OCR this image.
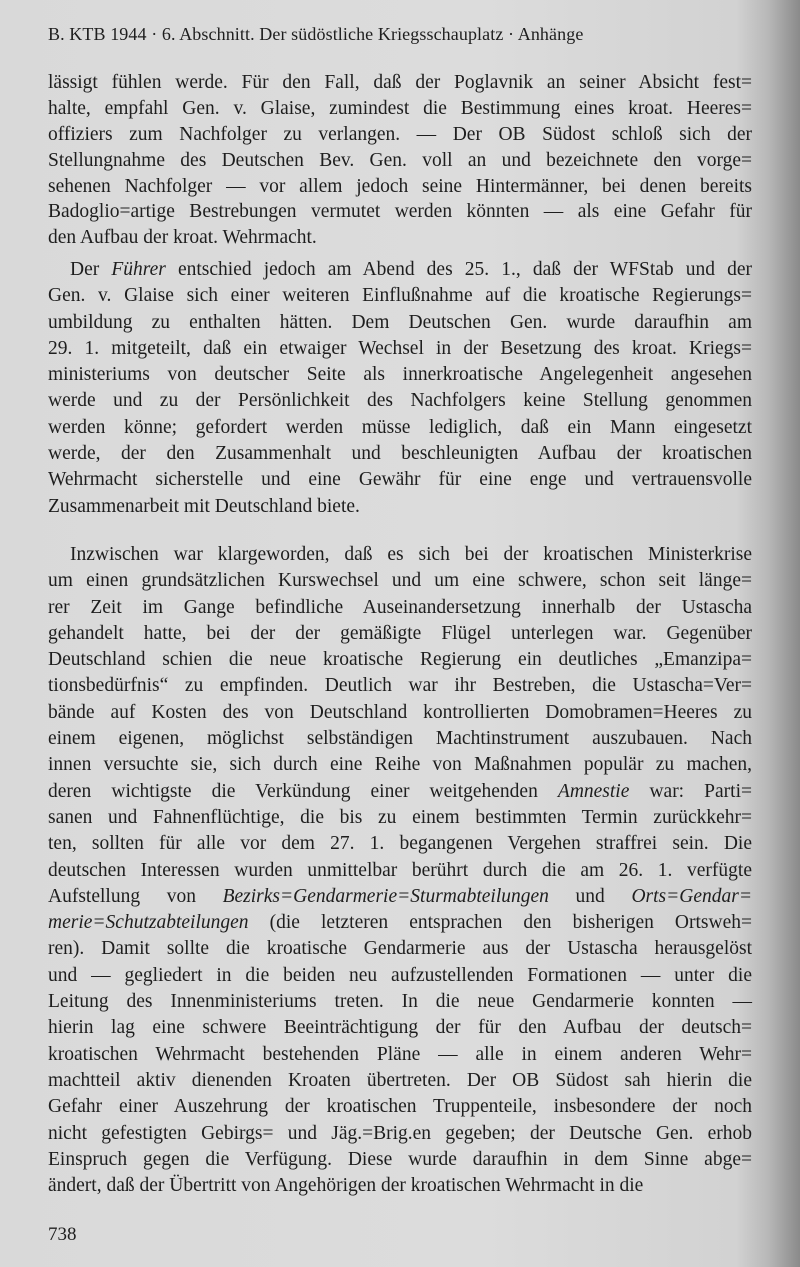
B. KTB 1944 · 6. Abschnitt. Der südöstliche Kriegsschauplatz · Anhänge
lässigt fühlen werde. Für den Fall, daß der Poglavnik an seiner Absicht fest=
halte, empfahl Gen. v. Glaise, zumindest die Bestimmung eines kroat. Heeres=
offiziers zum Nachfolger zu verlangen. — Der OB Südost schloß sich der
Stellungnahme des Deutschen Bev. Gen. voll an und bezeichnete den vorge=
sehenen Nachfolger — vor allem jedoch seine Hintermänner, bei denen bereits
Badoglio=artige Bestrebungen vermutet werden könnten — als eine Gefahr für
den Aufbau der kroat. Wehrmacht.
Der Führer entschied jedoch am Abend des 25. 1., daß der WFStab und der
Gen. v. Glaise sich einer weiteren Einflußnahme auf die kroatische Regierungs=
umbildung zu enthalten hätten. Dem Deutschen Gen. wurde daraufhin am
29. 1. mitgeteilt, daß ein etwaiger Wechsel in der Besetzung des kroat. Kriegs=
ministeriums von deutscher Seite als innerkroatische Angelegenheit angesehen
werde und zu der Persönlichkeit des Nachfolgers keine Stellung genommen
werden könne; gefordert werden müsse lediglich, daß ein Mann eingesetzt
werde, der den Zusammenhalt und beschleunigten Aufbau der kroatischen
Wehrmacht sicherstelle und eine Gewähr für eine enge und vertrauensvolle
Zusammenarbeit mit Deutschland biete.
Inzwischen war klargeworden, daß es sich bei der kroatischen Ministerkrise
um einen grundsätzlichen Kurswechsel und um eine schwere, schon seit länge=
rer Zeit im Gange befindliche Auseinandersetzung innerhalb der Ustascha
gehandelt hatte, bei der der gemäßigte Flügel unterlegen war. Gegenüber
Deutschland schien die neue kroatische Regierung ein deutliches „Emanzipa=
tionsbedürfnis“ zu empfinden. Deutlich war ihr Bestreben, die Ustascha=Ver=
bände auf Kosten des von Deutschland kontrollierten Domobramen=Heeres zu
einem eigenen, möglichst selbständigen Machtinstrument auszubauen. Nach
innen versuchte sie, sich durch eine Reihe von Maßnahmen populär zu machen,
deren wichtigste die Verkündung einer weitgehenden Amnestie war: Parti=
sanen und Fahnenflüchtige, die bis zu einem bestimmten Termin zurückkehr=
ten, sollten für alle vor dem 27. 1. begangenen Vergehen straffrei sein. Die
deutschen Interessen wurden unmittelbar berührt durch die am 26. 1. verfügte
Aufstellung von Bezirks=Gendarmerie=Sturmabteilungen und Orts=Gendar=
merie=Schutzabteilungen (die letzteren entsprachen den bisherigen Ortsweh=
ren). Damit sollte die kroatische Gendarmerie aus der Ustascha herausgelöst
und — gegliedert in die beiden neu aufzustellenden Formationen — unter die
Leitung des Innenministeriums treten. In die neue Gendarmerie konnten —
hierin lag eine schwere Beeinträchtigung der für den Aufbau der deutsch=
kroatischen Wehrmacht bestehenden Pläne — alle in einem anderen Wehr=
machtteil aktiv dienenden Kroaten übertreten. Der OB Südost sah hierin die
Gefahr einer Auszehrung der kroatischen Truppenteile, insbesondere der noch
nicht gefestigten Gebirgs= und Jäg.=Brig.en gegeben; der Deutsche Gen. erhob
Einspruch gegen die Verfügung. Diese wurde daraufhin in dem Sinne abge=
ändert, daß der Übertritt von Angehörigen der kroatischen Wehrmacht in die
738
